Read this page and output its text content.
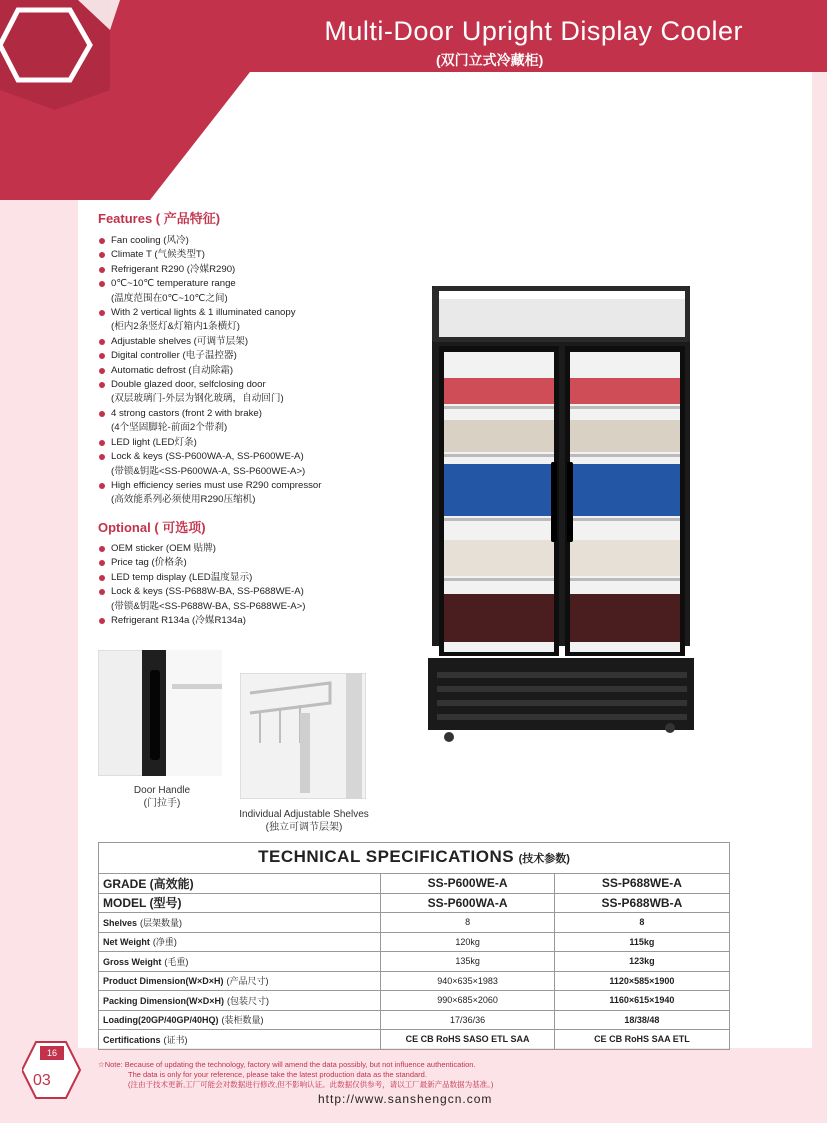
Multi-Door Upright Display Cooler
(双门立式冷藏柜)
Features ( 产品特征)
Fan cooling (风冷)
Climate T (气候类型T)
Refrigerant R290 (冷媒R290)
0℃~10℃ temperature range
(温度范围在0℃~10℃之间)
With 2 vertical lights & 1 illuminated canopy
(柜内2条竖灯&灯箱内1条横灯)
Adjustable shelves (可调节层架)
Digital controller (电子温控器)
Automatic defrost (自动除霜)
Double glazed door, selfclosing door
(双层玻璃门-外层为钢化玻璃，自动回门)
4 strong castors (front 2 with brake)
(4个坚固脚轮-前面2个带刹)
LED light (LED灯条)
Lock & keys (SS-P600WA-A, SS-P600WE-A)
(带锁&钥匙<SS-P600WA-A, SS-P600WE-A>)
High efficiency series must use R290 compressor
(高效能系列必须使用R290压缩机)
Optional ( 可选项)
OEM sticker (OEM 贴牌)
Price tag (价格条)
LED temp display (LED温度显示)
Lock & keys (SS-P688W-BA, SS-P688WE-A)
(带锁&钥匙<SS-P688W-BA, SS-P688WE-A>)
Refrigerant R134a (冷媒R134a)
Door Handle
(门拉手)
Individual Adjustable Shelves
(独立可调节层架)
TECHNICAL SPECIFICATIONS (技术参数)
GRADE (高效能)	SS-P600WE-A	SS-P688WE-A
MODEL (型号)	SS-P600WA-A	SS-P688WB-A
Shelves (层架数量)	8	8
Net Weight (净重)	120kg	115kg
Gross Weight (毛重)	135kg	123kg
Product Dimension(W×D×H) (产品尺寸)	940×635×1983	1120×585×1900
Packing Dimension(W×D×H) (包装尺寸)	990×685×2060	1160×615×1940
Loading(20GP/40GP/40HQ) (装柜数量)	17/36/36	18/38/48
Certifications (证书)	CE CB RoHS SASO ETL SAA	CE CB RoHS SAA ETL
16
03
☆Note: Because of updating the technology, factory will amend the data possibly, but not influence authentication.
The data is only for your reference, please take the latest production data as the standard.
(注由于技术更新,工厂可能会对数据进行修改,但不影响认证。此数据仅供参考，请以工厂最新产品数据为基准。)
http://www.sanshengcn.com
